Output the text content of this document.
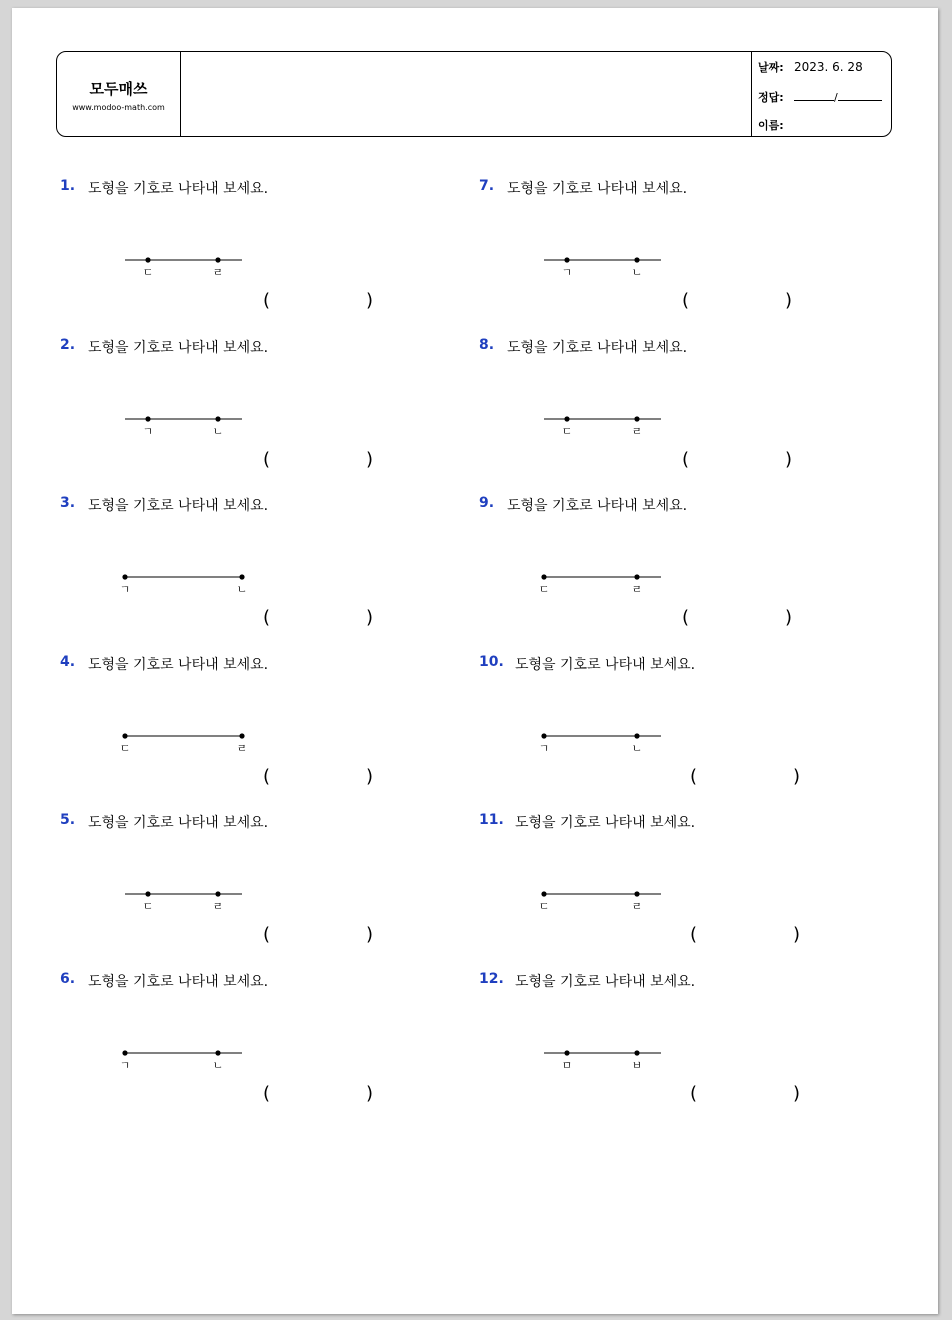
모두매쓰
www.modoo-math.com
날짜: 2023. 6. 28
정답:	/
이름:
1. 도형을 기호로 나타내 보세요.
ㄷ	ㄹ
(	)
2. 도형을 기호로 나타내 보세요.
ㄱ	ㄴ
(	)
3. 도형을 기호로 나타내 보세요.
ㄱ	ㄴ
(	)
4. 도형을 기호로 나타내 보세요.
ㄷ	ㄹ
(	)
5. 도형을 기호로 나타내 보세요.
ㄷ	ㄹ
(	)
6. 도형을 기호로 나타내 보세요.
ㄱ	ㄴ
(	)
7. 도형을 기호로 나타내 보세요.
ㄱ	ㄴ
(	)
8. 도형을 기호로 나타내 보세요.
ㄷ	ㄹ
(	)
9. 도형을 기호로 나타내 보세요.
ㄷ	ㄹ
(	)
10. 도형을 기호로 나타내 보세요.
ㄱ	ㄴ
(	)
11. 도형을 기호로 나타내 보세요.
ㄷ	ㄹ
(	)
12. 도형을 기호로 나타내 보세요.
ㅁ	ㅂ
(	)
